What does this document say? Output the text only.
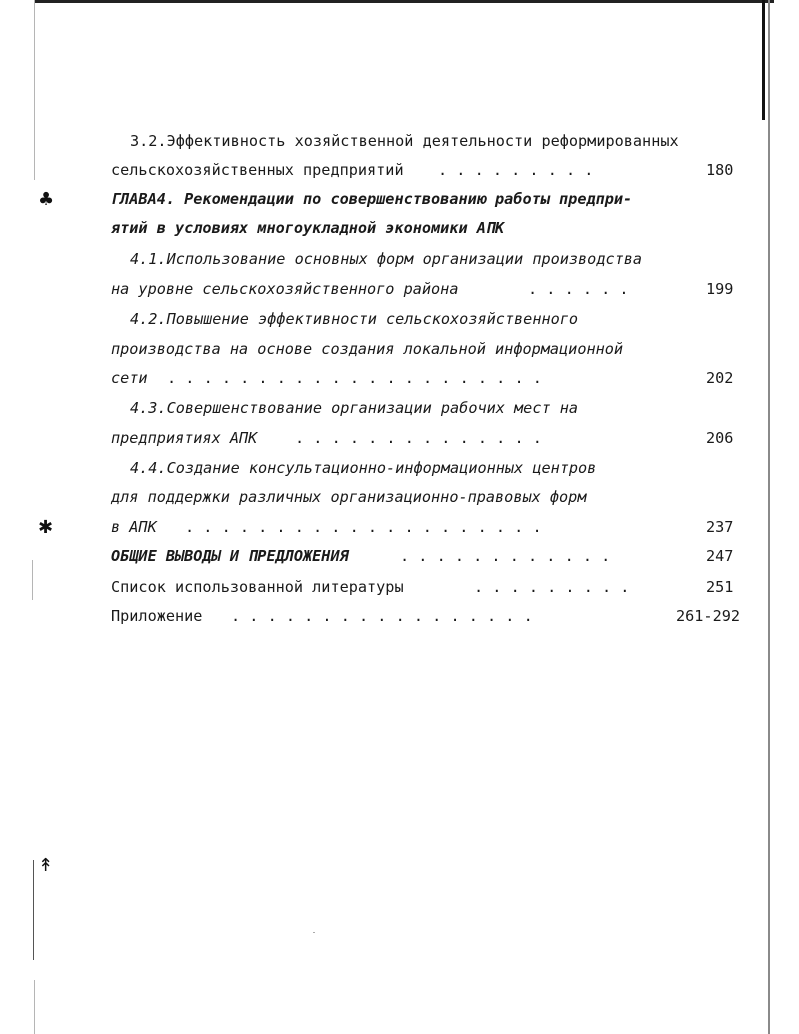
♣
✱
↟
3.2.Эффективность хозяйственной деятельности реформированных
сельскохозяйственных предприятий . . . . . . . . .	180
ГЛАВА4. Рекомендации по совершенствованию работы предпри-
ятий в условиях многоукладной экономики АПК
4.1.Использование основных форм организации производства
на уровне сельскохозяйственного района	. . . . . .	199
4.2.Повышение эффективности сельскохозяйственного
производства на основе создания локальной информационной
сети . . . . . . . . . . . . . . . . . . . . .	202
4.3.Совершенствование организации рабочих мест на
предприятиях АПК . . . . . . . . . . . . . .	206
4.4.Создание консультационно-информационных центров
для поддержки различных организационно-правовых форм
в АПК . . . . . . . . . . . . . . . . . . . .	237
ОБЩИЕ ВЫВОДЫ И ПРЕДЛОЖЕНИЯ	. . . . . . . . . . . .	247
Список использованной литературы	. . . . . . . . .	251
Приложение . . . . . . . . . . . . . . . . .	261-292
